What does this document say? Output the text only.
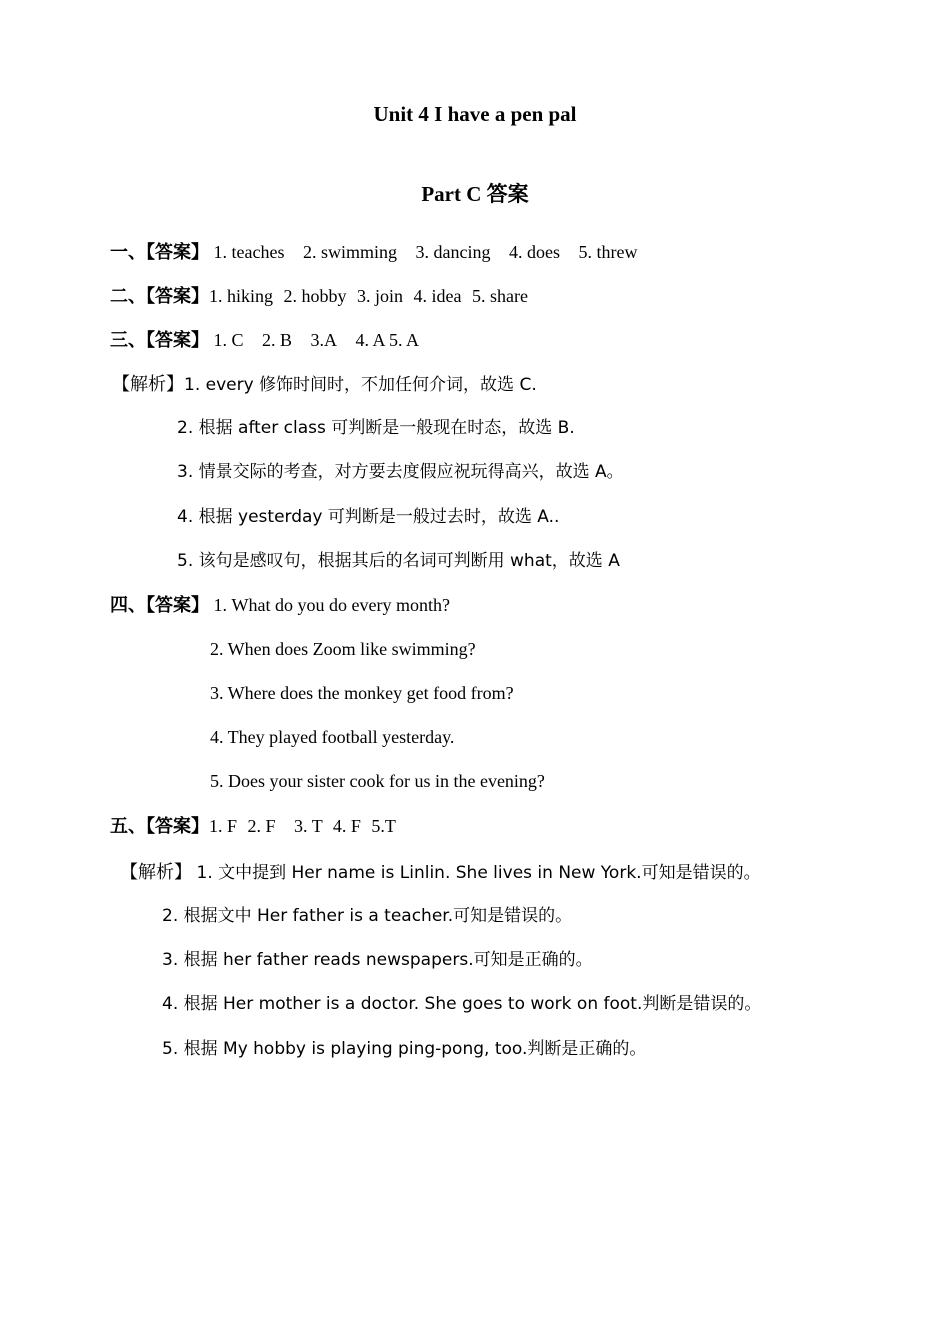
Unit 4 I have a pen pal
Part C 答案
一、【答案】 1. teaches 2. swimming 3. dancing 4. does 5. threw
二、【答案】1. hiking 2. hobby 3. join 4. idea 5. share
三、【答案】 1. C 2. B 3.A 4. A 5. A
【解析】1. every 修饰时间时，不加任何介词，故选 C.
2. 根据 after class 可判断是一般现在时态，故选 B.
3. 情景交际的考查，对方要去度假应祝玩得高兴，故选 A。
4. 根据 yesterday 可判断是一般过去时，故选 A..
5. 该句是感叹句，根据其后的名词可判断用 what，故选 A
四、【答案】 1. What do you do every month?
2. When does Zoom like swimming?
3. Where does the monkey get food from?
4. They played football yesterday.
5. Does your sister cook for us in the evening?
五、【答案】1. F 2. F 3. T 4. F 5.T
【解析】 1. 文中提到 Her name is Linlin. She lives in New York.可知是错误的。
2. 根据文中 Her father is a teacher.可知是错误的。
3. 根据 her father reads newspapers.可知是正确的。
4. 根据 Her mother is a doctor. She goes to work on foot.判断是错误的。
5. 根据 My hobby is playing ping-pong, too.判断是正确的。
